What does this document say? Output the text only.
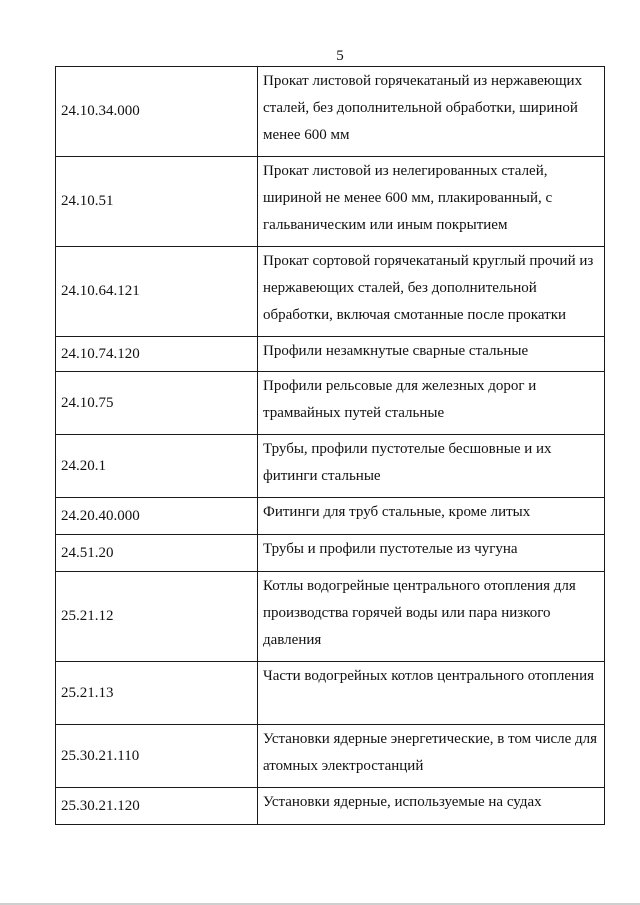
5
24.10.34.000	Прокат листовой горячекатаный из нержавеющих сталей, без дополнительной обработки, шириной менее 600 мм
24.10.51	Прокат листовой из нелегированных сталей, шириной не менее 600 мм, плакированный, с гальваническим или иным покрытием
24.10.64.121	Прокат сортовой горячекатаный круглый прочий из нержавеющих сталей, без дополнительной обработки, включая смотанные после прокатки
24.10.74.120	Профили незамкнутые сварные стальные
24.10.75	Профили рельсовые для железных дорог и трамвайных путей стальные
24.20.1	Трубы, профили пустотелые бесшовные и их фитинги стальные
24.20.40.000	Фитинги для труб стальные, кроме литых
24.51.20	Трубы и профили пустотелые из чугуна
25.21.12	Котлы водогрейные центрального отопления для производства горячей воды или пара низкого давления
25.21.13	Части водогрейных котлов центрального отопления
25.30.21.110	Установки ядерные энергетические, в том числе для атомных электростанций
25.30.21.120	Установки ядерные, используемые на судах
